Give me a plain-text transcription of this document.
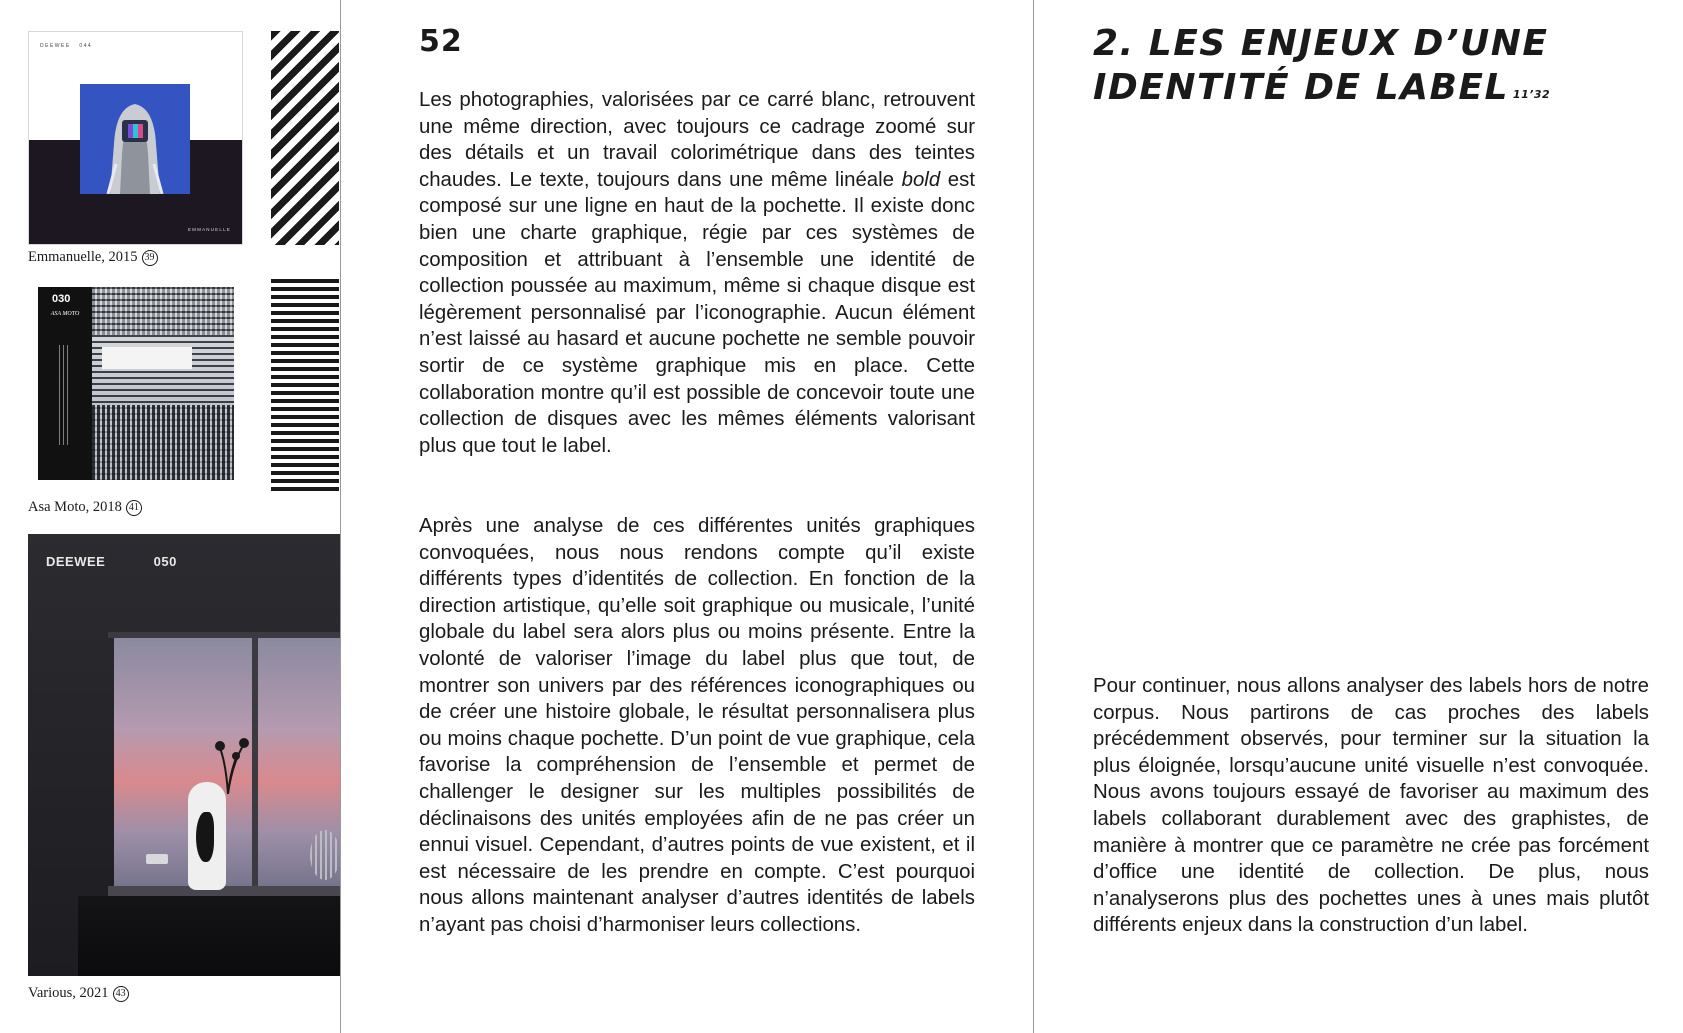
DEEWEE 044
EMMANUELLE
Emmanuelle, 2015 39
030
ASA MOTO
Asa Moto, 2018 41
DEEWEE   050
Various, 2021 43
52

Les photographies, valorisées par ce carré blanc, retrouvent une même direction, avec toujours ce cadrage zoomé sur des détails et un travail colorimétrique dans des teintes chaudes. Le texte, toujours dans une même linéale bold est composé sur une ligne en haut de la pochette. Il existe donc bien une charte graphique, régie par ces systèmes de composition et attribuant à l’ensemble une identité de collection poussée au maximum, même si chaque disque est légèrement personnalisé par l’iconographie. Aucun élément n’est laissé au hasard et aucune pochette ne semble pouvoir sortir de ce système graphique mis en place. Cette collaboration montre qu’il est possible de concevoir toute une collection de disques avec les mêmes éléments valorisant plus que tout le label.

Après une analyse de ces différentes unités graphiques convoquées, nous nous rendons compte qu’il existe différents types d’identités de collection. En fonction de la direction artistique, qu’elle soit graphique ou musicale, l’unité globale du label sera alors plus ou moins présente. Entre la volonté de valoriser l’image du label plus que tout, de montrer son univers par des références iconographiques ou de créer une histoire globale, le résultat personnalisera plus ou moins chaque pochette. D’un point de vue graphique, cela favorise la compréhension de l’ensemble et permet de challenger le designer sur les multiples possibilités de déclinaisons des unités employées afin de ne pas créer un ennui visuel. Cependant, d’autres points de vue existent, et il est nécessaire de les prendre en compte. C’est pourquoi nous allons maintenant analyser d’autres identités de labels n’ayant pas choisi d’harmoniser leurs collections.

2. LES ENJEUX D’UNE
IDENTITÉ DE LABEL $^{11’32}$

Pour continuer, nous allons analyser des labels hors de notre corpus. Nous partirons de cas proches des labels précédemment observés, pour terminer sur la situation la plus éloignée, lorsqu’aucune unité visuelle n’est convoquée. Nous avons toujours essayé de favoriser au maximum des labels collaborant durablement avec des graphistes, de manière à montrer que ce paramètre ne crée pas forcément d’office une identité de collection. De plus, nous n’analyserons plus des pochettes unes à unes mais plutôt différents enjeux dans la construction d’un label.
